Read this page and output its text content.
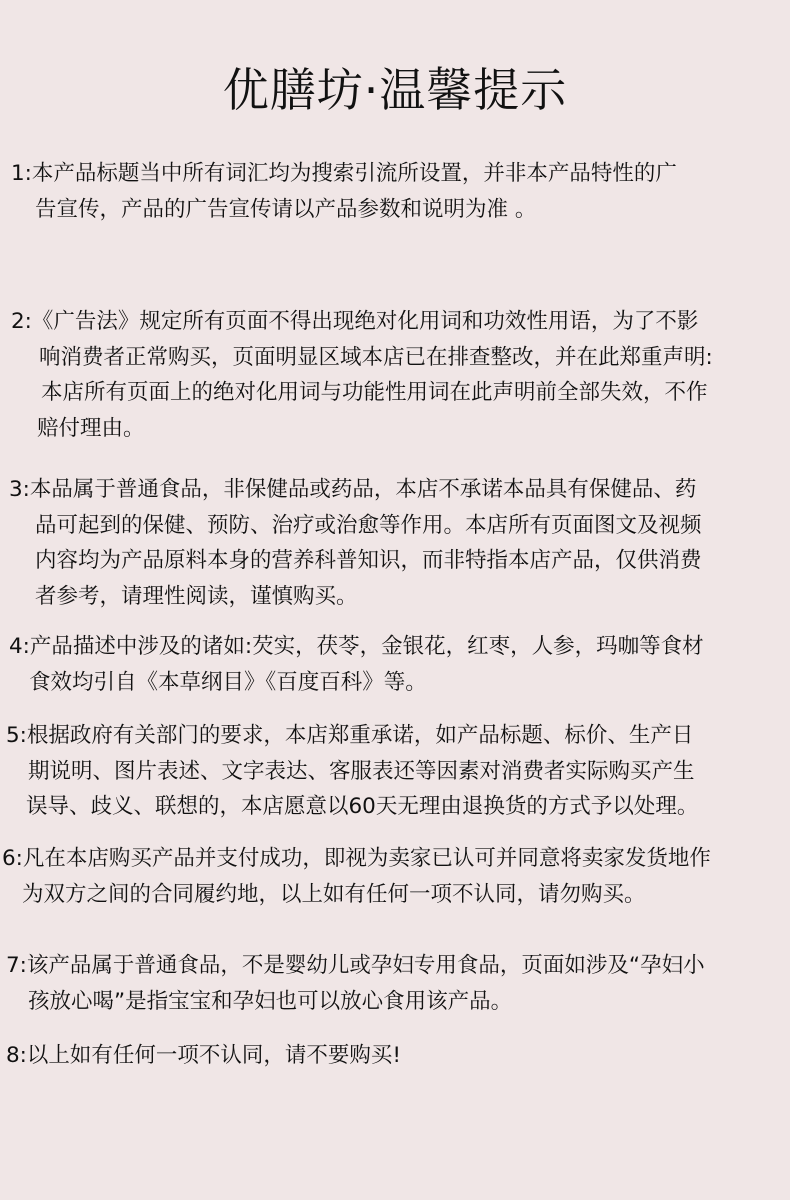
优膳坊·温馨提示
1:本产品标题当中所有词汇均为搜索引流所设置，并非本产品特性的广
告宣传，产品的广告宣传请以产品参数和说明为准 。
2:《广告法》规定所有页面不得出现绝对化用词和功效性用语，为了不影
响消费者正常购买，页面明显区域本店已在排查整改，并在此郑重声明:
本店所有页面上的绝对化用词与功能性用词在此声明前全部失效，不作
赔付理由。
3:本品属于普通食品，非保健品或药品，本店不承诺本品具有保健品、药
品可起到的保健、预防、治疗或治愈等作用。本店所有页面图文及视频
内容均为产品原料本身的营养科普知识，而非特指本店产品，仅供消费
者参考，请理性阅读，谨慎购买。
4:产品描述中涉及的诸如:芡实，茯苓，金银花，红枣，人参，玛咖等食材
食效均引自《本草纲目》《百度百科》等。
5:根据政府有关部门的要求，本店郑重承诺，如产品标题、标价、生产日
期说明、图片表述、文字表达、客服表还等因素对消费者实际购买产生
误导、歧义、联想的，本店愿意以60天无理由退换货的方式予以处理。
6:凡在本店购买产品并支付成功，即视为卖家已认可并同意将卖家发货地作
为双方之间的合同履约地，以上如有任何一项不认同，请勿购买。
7:该产品属于普通食品，不是婴幼儿或孕妇专用食品，页面如涉及“孕妇小
孩放心喝”是指宝宝和孕妇也可以放心食用该产品。
8:以上如有任何一项不认同，请不要购买!
